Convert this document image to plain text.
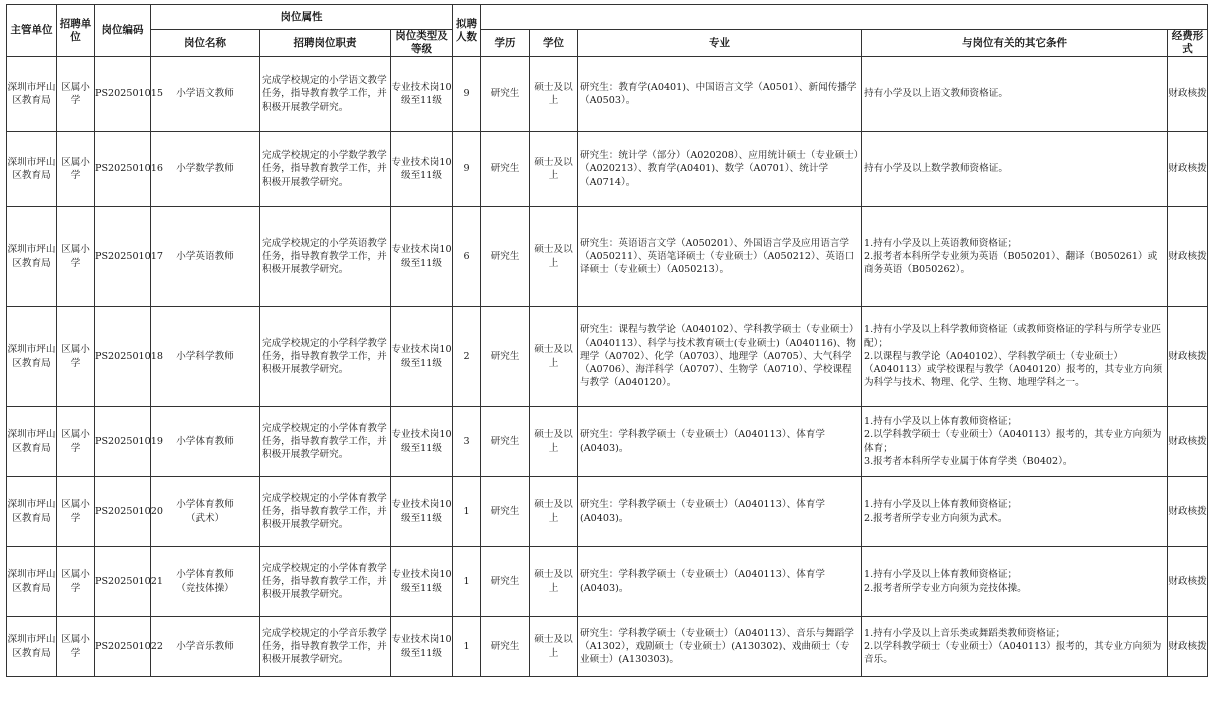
主管单位	招聘单位	岗位编码	岗位属性			拟聘人数					
			岗位名称	招聘岗位职责	岗位类型及等级		学历	学位	专业	与岗位有关的其它条件	经费形式
深圳市坪山区教育局	区属小学	PS202501015	小学语文教师	完成学校规定的小学语文教学任务，指导教育教学工作，并积极开展教学研究。	专业技术岗10级至11级	9	研究生	硕士及以上	研究生：教育学(A0401)、中国语言文学（A0501）、新闻传播学（A0503）。	持有小学及以上语文教师资格证。	财政核拨
深圳市坪山区教育局	区属小学	PS202501016	小学数学教师	完成学校规定的小学数学教学任务，指导教育教学工作，并积极开展教学研究。	专业技术岗10级至11级	9	研究生	硕士及以上	研究生：统计学（部分）（A020208）、应用统计硕士（专业硕士）（A020213）、教育学(A0401)、数学（A0701）、统计学（A0714）。	持有小学及以上数学教师资格证。	财政核拨
深圳市坪山区教育局	区属小学	PS202501017	小学英语教师	完成学校规定的小学英语教学任务，指导教育教学工作，并积极开展教学研究。	专业技术岗10级至11级	6	研究生	硕士及以上	研究生：英语语言文学（A050201）、外国语言学及应用语言学（A050211）、英语笔译硕士（专业硕士）（A050212）、英语口译硕士（专业硕士）（A050213）。	1.持有小学及以上英语教师资格证；
2.报考者本科所学专业须为英语（B050201）、翻译（B050261）或商务英语（B050262）。	财政核拨
深圳市坪山区教育局	区属小学	PS202501018	小学科学教师	完成学校规定的小学科学教学任务，指导教育教学工作，并积极开展教学研究。	专业技术岗10级至11级	2	研究生	硕士及以上	研究生：课程与教学论（A040102）、学科教学硕士（专业硕士）（A040113）、科学与技术教育硕士(专业硕士)（A040116)、物理学（A0702）、化学（A0703）、地理学（A0705）、大气科学（A0706）、海洋科学（A0707）、生物学（A0710）、学校课程与教学（A040120）。	1.持有小学及以上科学教师资格证（或教师资格证的学科与所学专业匹配）；
2.以课程与教学论（A040102）、学科教学硕士（专业硕士）（A040113）或学校课程与教学（A040120）报考的，其专业方向须为科学与技术、物理、化学、生物、地理学科之一。	财政核拨
深圳市坪山区教育局	区属小学	PS202501019	小学体育教师	完成学校规定的小学体育教学任务，指导教育教学工作，并积极开展教学研究。	专业技术岗10级至11级	3	研究生	硕士及以上	研究生：学科教学硕士（专业硕士）（A040113）、体育学(A0403)。	1.持有小学及以上体育教师资格证；
2.以学科教学硕士（专业硕士）（A040113）报考的，其专业方向须为体育；
3.报考者本科所学专业属于体育学类（B0402）。	财政核拨
深圳市坪山区教育局	区属小学	PS202501020	小学体育教师
（武术）	完成学校规定的小学体育教学任务，指导教育教学工作，并积极开展教学研究。	专业技术岗10级至11级	1	研究生	硕士及以上	研究生：学科教学硕士（专业硕士）（A040113）、体育学(A0403)。	1.持有小学及以上体育教师资格证；
2.报考者所学专业方向须为武术。	财政核拨
深圳市坪山区教育局	区属小学	PS202501021	小学体育教师
（竞技体操）	完成学校规定的小学体育教学任务，指导教育教学工作，并积极开展教学研究。	专业技术岗10级至11级	1	研究生	硕士及以上	研究生：学科教学硕士（专业硕士）（A040113）、体育学(A0403)。	1.持有小学及以上体育教师资格证；
2.报考者所学专业方向须为竞技体操。	财政核拨
深圳市坪山区教育局	区属小学	PS202501022	小学音乐教师	完成学校规定的小学音乐教学任务，指导教育教学工作，并积极开展教学研究。	专业技术岗10级至11级	1	研究生	硕士及以上	研究生：学科教学硕士（专业硕士）（A040113）、音乐与舞蹈学（A1302），戏剧硕士（专业硕士）(A130302)、戏曲硕士（专业硕士）(A130303)。	1.持有小学及以上音乐类或舞蹈类教师资格证；
2.以学科教学硕士（专业硕士）（A040113）报考的，其专业方向须为音乐。	财政核拨
